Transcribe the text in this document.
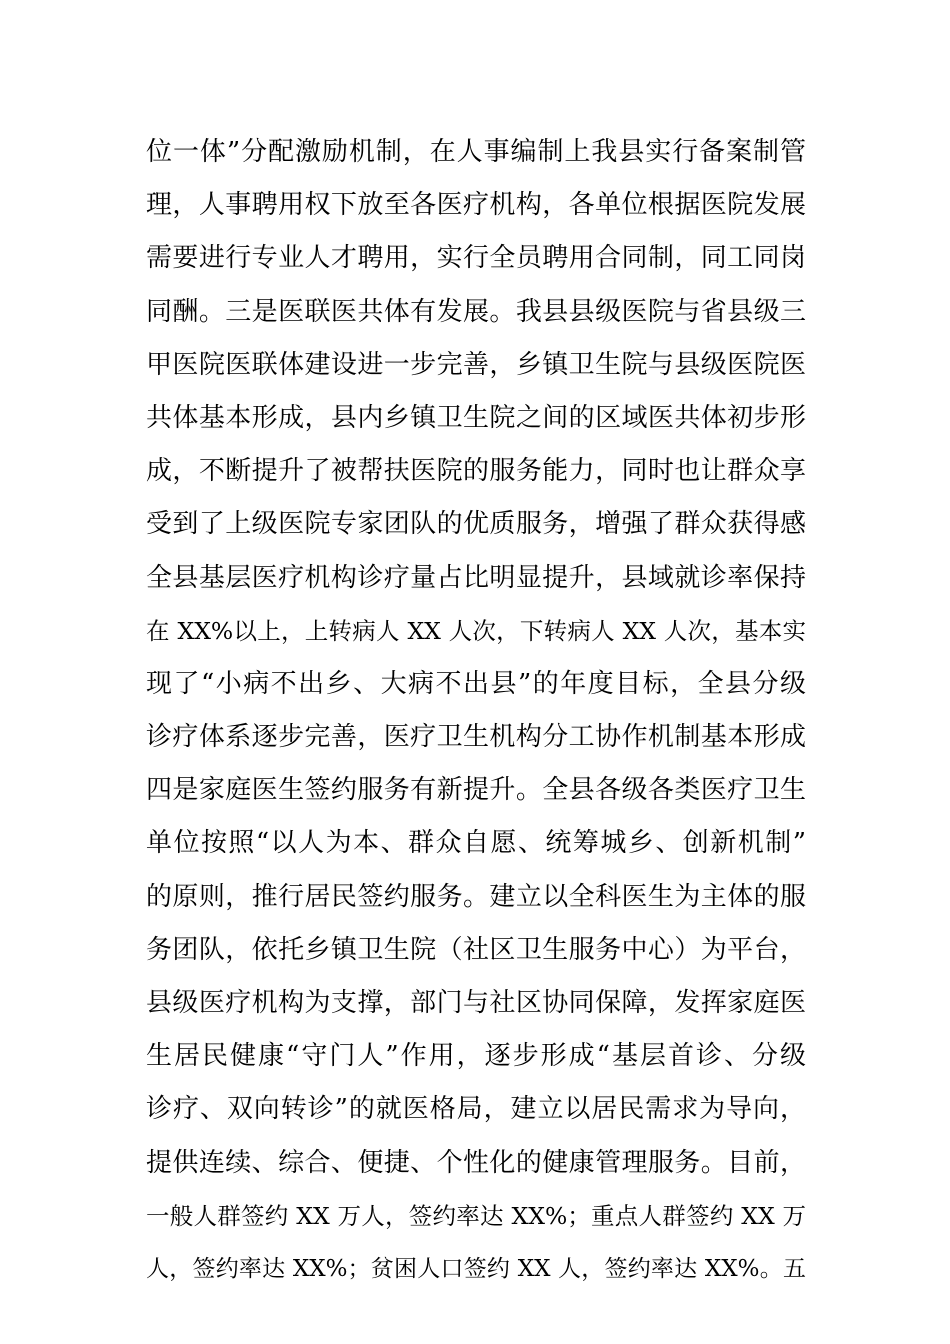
位一体”分配激励机制，在人事编制上我县实行备案制管
理，人事聘用权下放至各医疗机构，各单位根据医院发展
需要进行专业人才聘用，实行全员聘用合同制，同工同岗
同酬。三是医联医共体有发展。我县县级医院与省县级三
甲医院医联体建设进一步完善，乡镇卫生院与县级医院医
共体基本形成，县内乡镇卫生院之间的区域医共体初步形
成，不断提升了被帮扶医院的服务能力，同时也让群众享
受到了上级医院专家团队的优质服务，增强了群众获得感
全县基层医疗机构诊疗量占比明显提升，县域就诊率保持
在 XX%以上，上转病人 XX 人次，下转病人 XX 人次，基本实
现了“小病不出乡、大病不出县”的年度目标，全县分级
诊疗体系逐步完善，医疗卫生机构分工协作机制基本形成
四是家庭医生签约服务有新提升。全县各级各类医疗卫生
单位按照“以人为本、群众自愿、统筹城乡、创新机制”
的原则，推行居民签约服务。建立以全科医生为主体的服
务团队，依托乡镇卫生院（社区卫生服务中心）为平台，
县级医疗机构为支撑，部门与社区协同保障，发挥家庭医
生居民健康“守门人”作用，逐步形成“基层首诊、分级
诊疗、双向转诊”的就医格局，建立以居民需求为导向，
提供连续、综合、便捷、个性化的健康管理服务。目前，
一般人群签约 XX 万人，签约率达 XX%；重点人群签约 XX 万
人，签约率达 XX%；贫困人口签约 XX 人，签约率达 XX%。五
